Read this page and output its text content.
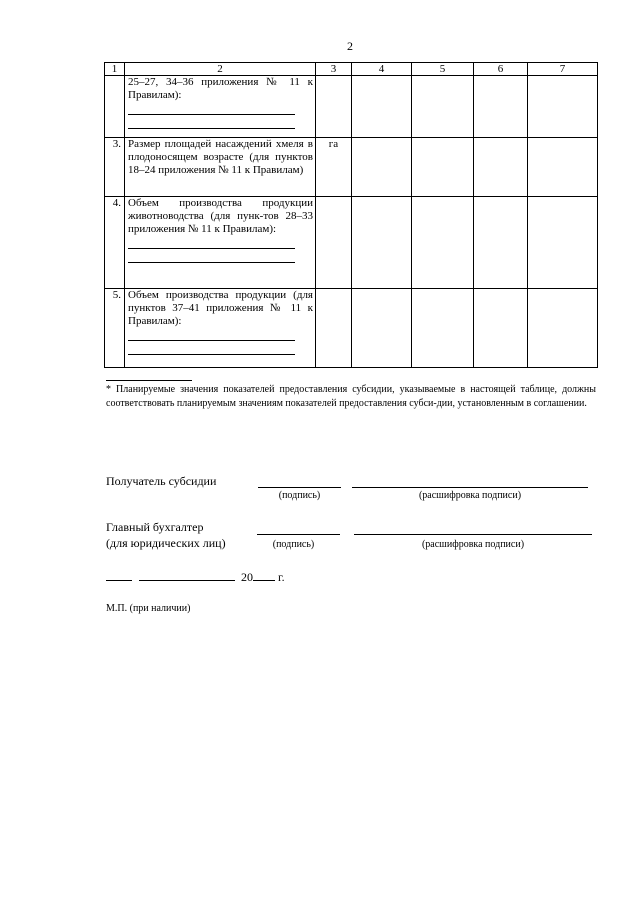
2
1	2	3	4	5	6	7

	25–27, 34–36 приложения № 11 к Правилам):					

3.	Размер площадей насаждений хмеля в плодоносящем возрасте (для пунктов 18–24 приложения № 11 к Правилам)	га				
4.	Объем производства продукции животноводства (для пунк-тов 28–33 приложения № 11 к Правилам):					

5.	Объем производства продукции (для пунктов 37–41 приложения № 11 к Правилам):					

* Планируемые значения показателей предоставления субсидии, указываемые в настоящей таблице, должны соответствовать планируемым значениям показателей предоставления субси-дии, установленным в соглашении.
Получатель субсидии
(подпись)	(расшифровка подписи)
Главный бухгалтер
(для юридических лиц)	(подпись)	(расшифровка подписи)
20 г.
М.П. (при наличии)
